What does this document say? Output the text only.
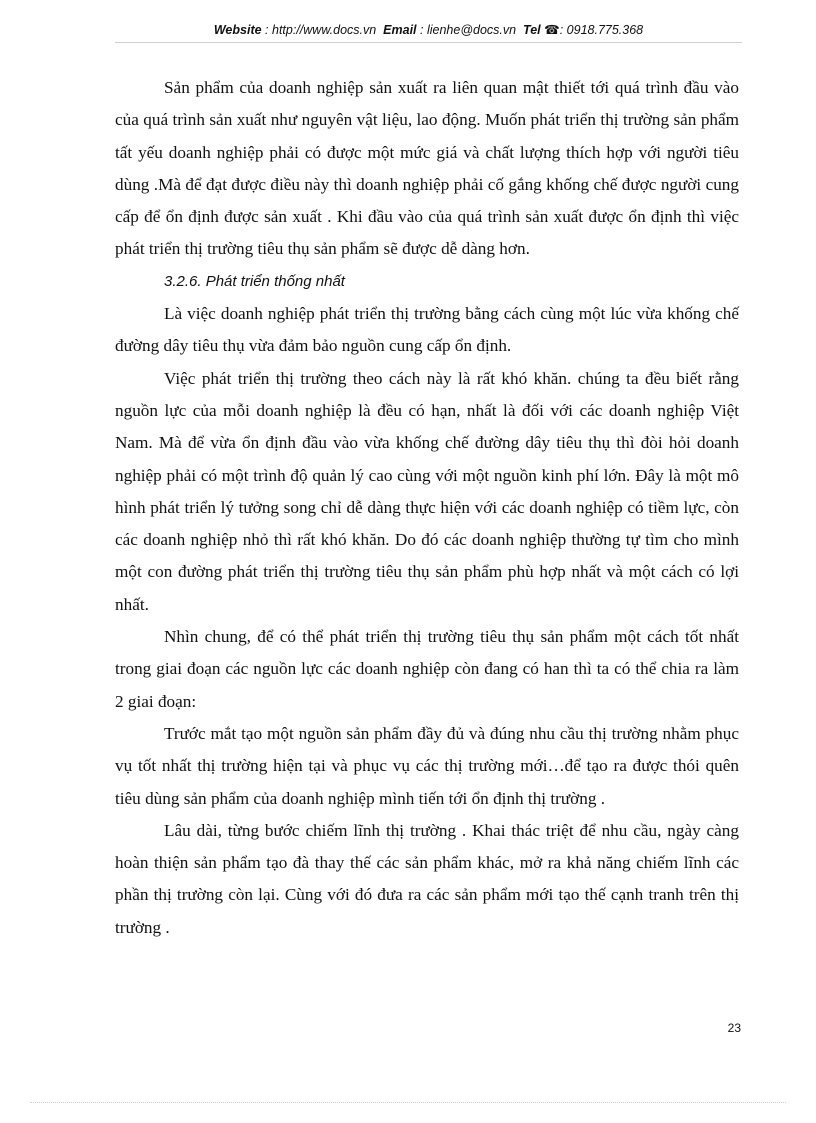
Website : http://www.docs.vn Email : lienhe@docs.vn Tel ☎: 0918.775.368

Sản phẩm của doanh nghiệp sản xuất ra liên quan mật thiết tới quá trình đầu vào của quá trình sản xuất như nguyên vật liệu, lao động. Muốn phát triển thị trường sản phẩm tất yếu doanh nghiệp phải có được một mức giá và chất lượng thích hợp với người tiêu dùng .Mà để đạt được điều này thì doanh nghiệp phải cố gắng khống chế được người cung cấp để ổn định được sản xuất . Khi đầu vào của quá trình sản xuất được ổn định thì việc phát triển thị trường tiêu thụ sản phẩm sẽ được dễ dàng hơn.

3.2.6. Phát triển thống nhất

Là việc doanh nghiệp phát triển thị trường bằng cách cùng một lúc vừa khống chế đường dây tiêu thụ vừa đảm bảo nguồn cung cấp ổn định.

Việc phát triển thị trường theo cách này là rất khó khăn. chúng ta đều biết rằng nguồn lực của mỗi doanh nghiệp là đều có hạn, nhất là đối với các doanh nghiệp Việt Nam. Mà để vừa ổn định đầu vào vừa khống chế đường dây tiêu thụ thì đòi hỏi doanh nghiệp phải có một trình độ quản lý cao cùng với một nguồn kinh phí lớn. Đây là một mô hình phát triển lý tưởng song chỉ dễ dàng thực hiện với các doanh nghiệp có tiềm lực, còn các doanh nghiệp nhỏ thì rất khó khăn. Do đó các doanh nghiệp thường tự tìm cho mình một con đường phát triển thị trường tiêu thụ sản phẩm phù hợp nhất và một cách có lợi nhất.

Nhìn chung, để có thể phát triển thị trường tiêu thụ sản phẩm một cách tốt nhất trong giai đoạn các nguồn lực các doanh nghiệp còn đang có han thì ta có thể chia ra làm 2 giai đoạn:

Trước mắt tạo một nguồn sản phẩm đầy đủ và đúng nhu cầu thị trường nhằm phục vụ tốt nhất thị trường hiện tại và phục vụ các thị trường mới…để tạo ra được thói quên tiêu dùng sản phẩm của doanh nghiệp mình tiến tới ổn định thị trường .

Lâu dài, từng bước chiếm lĩnh thị trường . Khai thác triệt để nhu cầu, ngày càng hoàn thiện sản phẩm tạo đà thay thế các sản phẩm khác, mở ra khả năng chiếm lĩnh các phần thị trường còn lại. Cùng với đó đưa ra các sản phẩm mới tạo thế cạnh tranh trên thị trường .

23
